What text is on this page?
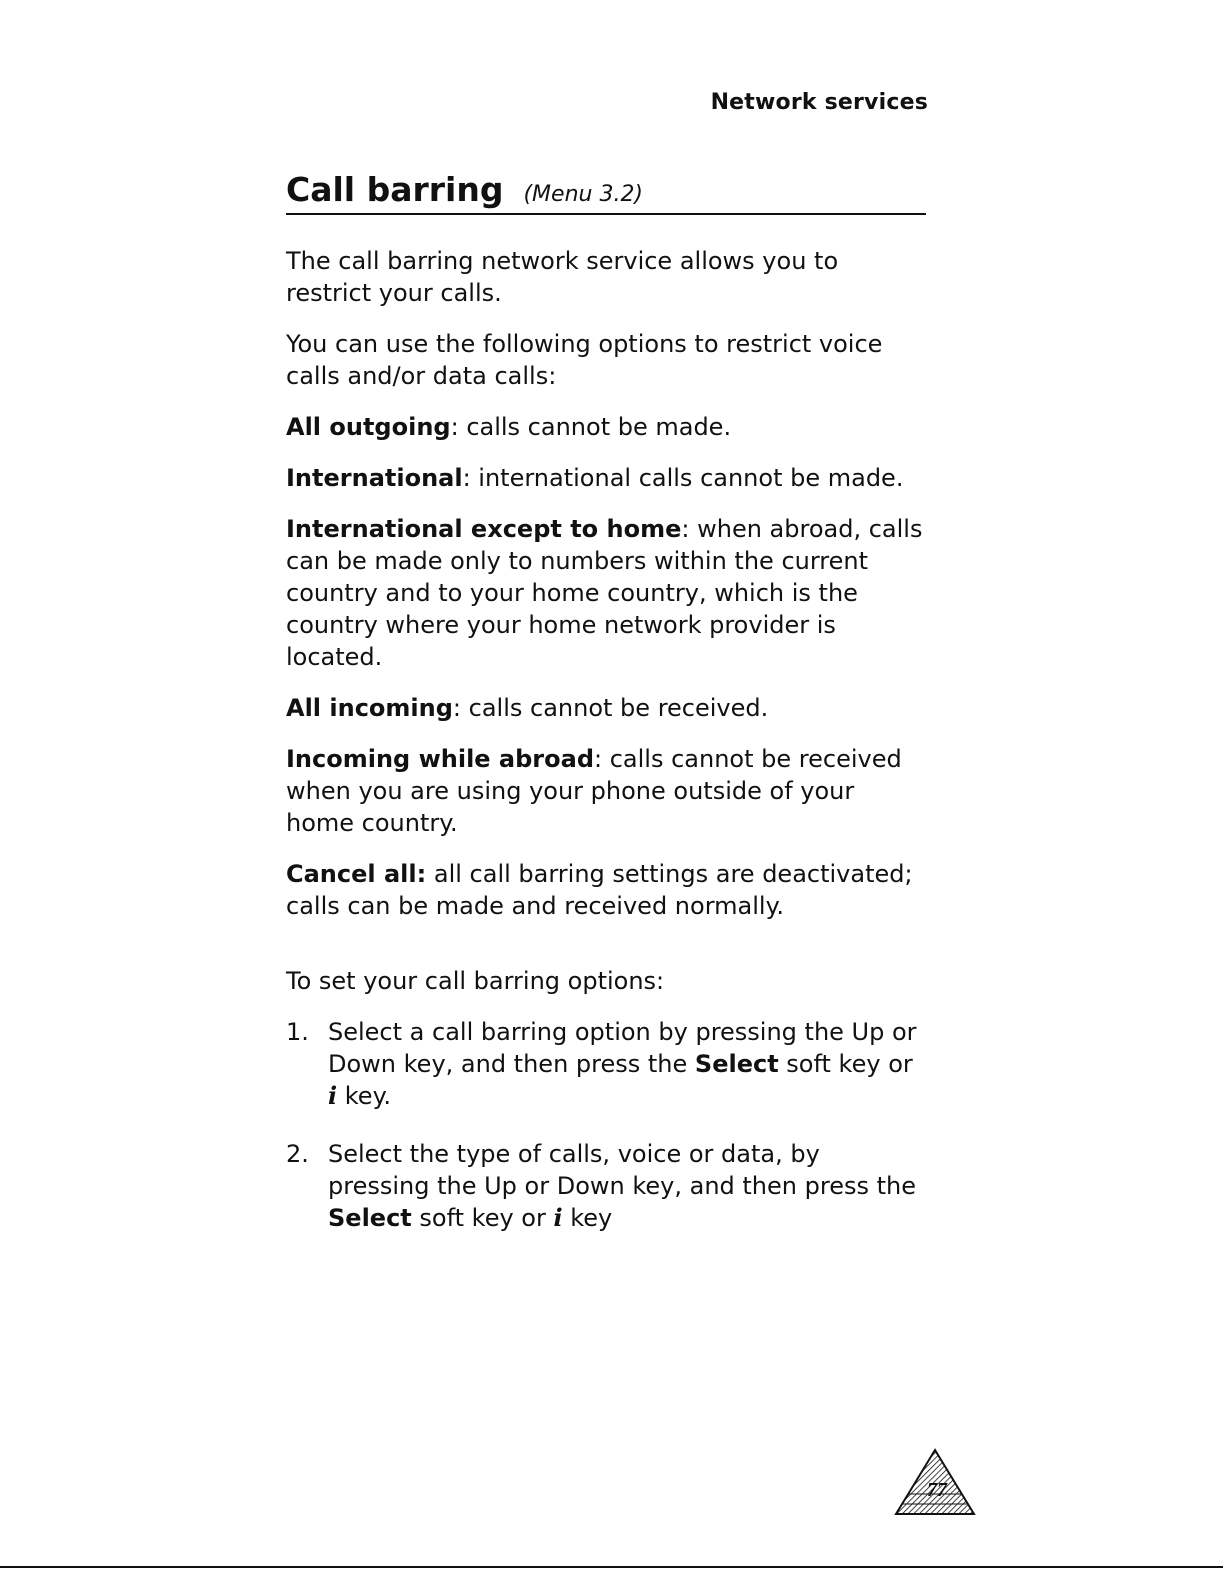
Network services
Call barring (Menu 3.2)

The call barring network service allows you to restrict your calls.

You can use the following options to restrict voice calls and/or data calls:

All outgoing: calls cannot be made.

International: international calls cannot be made.

International except to home: when abroad, calls can be made only to numbers within the current country and to your home country, which is the country where your home network provider is located.

All incoming: calls cannot be received.

Incoming while abroad: calls cannot be received when you are using your phone outside of your home country.

Cancel all: all call barring settings are deactivated; calls can be made and received normally.

To set your call barring options:

1. Select a call barring option by pressing the Up or Down key, and then press the Select soft key or i key.
2. Select the type of calls, voice or data, by pressing the Up or Down key, and then press the Select soft key or i key
77
